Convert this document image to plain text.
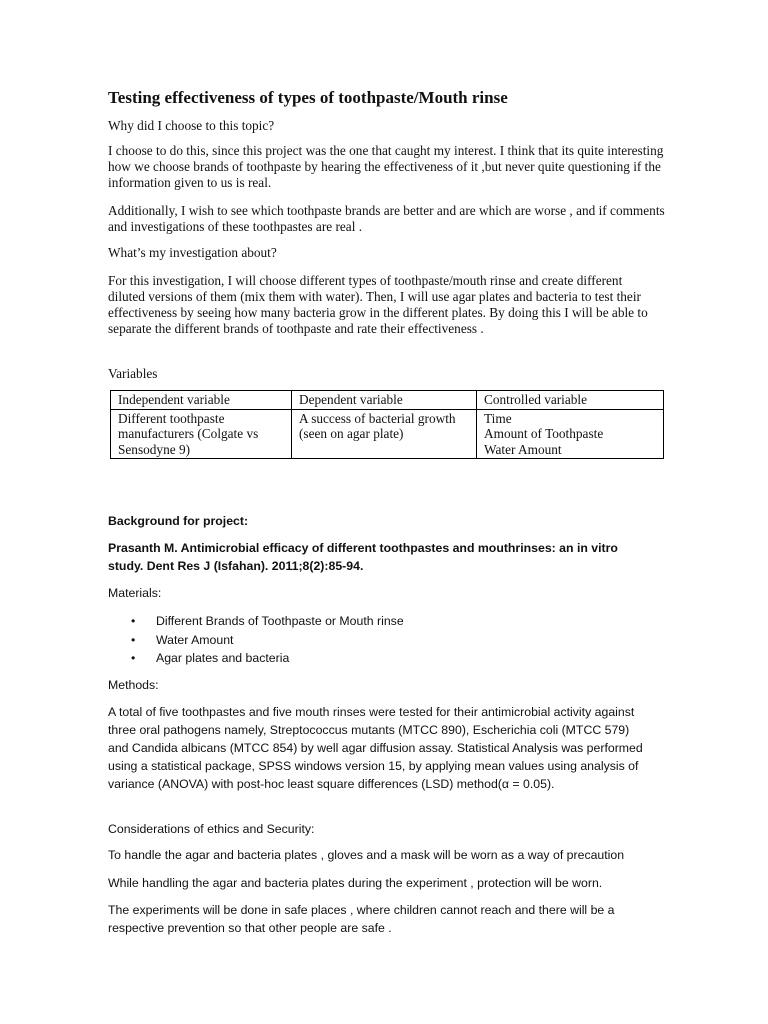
Testing effectiveness of types of toothpaste/Mouth rinse

Why did I choose to this topic?

I choose to do this, since this project was the one that caught my interest. I think that its quite interesting how we choose brands of toothpaste by hearing the effectiveness of it ,but never quite questioning if the information given to us is real.

Additionally, I wish to see which toothpaste brands are better and are which are worse , and if comments and investigations of these toothpastes are real .

What’s my investigation about?

For this investigation, I will choose different types of toothpaste/mouth rinse and create different diluted versions of them (mix them with water). Then, I will use agar plates and bacteria to test their effectiveness by seeing how many bacteria grow in the different plates. By doing this I will be able to separate the different brands of toothpaste and rate their effectiveness .

Variables

Independent variable	Dependent variable	Controlled variable
Different toothpaste manufacturers (Colgate vs Sensodyne 9)	A success of bacterial growth (seen on agar plate)	Time
Amount of Toothpaste
Water Amount

Background for project:

Prasanth M. Antimicrobial efficacy of different toothpastes and mouthrinses: an in vitro study. Dent Res J (Isfahan). 2011;8(2):85-94.

Materials:

• Different Brands of Toothpaste or Mouth rinse
• Water Amount
• Agar plates and bacteria

Methods:

A total of five toothpastes and five mouth rinses were tested for their antimicrobial activity against three oral pathogens namely, Streptococcus mutants (MTCC 890), Escherichia coli (MTCC 579) and Candida albicans (MTCC 854) by well agar diffusion assay. Statistical Analysis was performed using a statistical package, SPSS windows version 15, by applying mean values using analysis of variance (ANOVA) with post-hoc least square differences (LSD) method(α = 0.05).

Considerations of ethics and Security:

To handle the agar and bacteria plates , gloves and a mask will be worn as a way of precaution

While handling the agar and bacteria plates during the experiment , protection will be worn.

The experiments will be done in safe places , where children cannot reach and there will be a respective prevention so that other people are safe .
